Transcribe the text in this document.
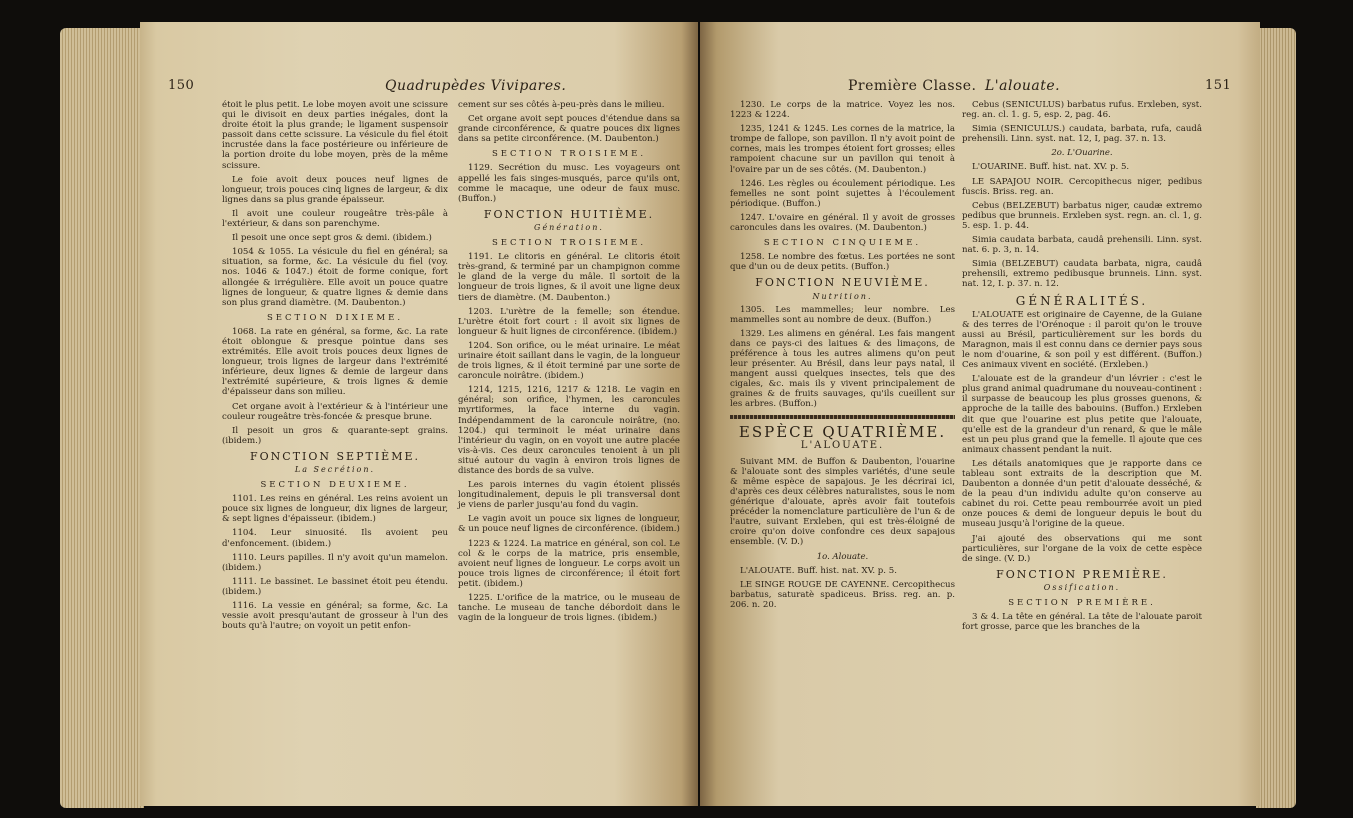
150	Quadrupèdes Vivipares.

étoit le plus petit. Le lobe moyen avoit une scissure qui le divisoit en deux parties inégales, dont la droite étoit la plus grande; le ligament suspensoir passoit dans cette scissure. La vésicule du fiel étoit incrustée dans la face postérieure ou inférieure de la portion droite du lobe moyen, près de la même scissure.

Le foie avoit deux pouces neuf lignes de longueur, trois pouces cinq lignes de largeur, & dix lignes dans sa plus grande épaisseur.

Il avoit une couleur rougeâtre très-pâle à l'extérieur, & dans son parenchyme.

Il pesoit une once sept gros & demi. (ibidem.)

1054 & 1055. La vésicule du fiel en général; sa situation, sa forme, &c. La vésicule du fiel (voy. nos. 1046 & 1047.) étoit de forme conique, fort allongée & irrégulière. Elle avoit un pouce quatre lignes de longueur, & quatre lignes & demie dans son plus grand diamètre. (M. Daubenton.)

SECTION DIXIEME.

1068. La rate en général, sa forme, &c. La rate étoit oblongue & presque pointue dans ses extrémités. Elle avoit trois pouces deux lignes de longueur, trois lignes de largeur dans l'extrémité inférieure, deux lignes & demie de largeur dans l'extrémité supérieure, & trois lignes & demie d'épaisseur dans son milieu.

Cet organe avoit à l'extérieur & à l'intérieur une couleur rougeâtre très-foncée & presque brune.

Il pesoit un gros & quarante-sept grains.(ibidem.)

FONCTION SEPTIÈME.
La Secrétion.
SECTION DEUXIEME.

1101. Les reins en général. Les reins avoient un pouce six lignes de longueur, dix lignes de largeur, & sept lignes d'épaisseur. (ibidem.)

1104. Leur sinuosité. Ils avoient peu d'enfoncement. (ibidem.)

1110. Leurs papilles. Il n'y avoit qu'un mamelon. (ibidem.)

1111. Le bassinet. Le bassinet étoit peu étendu. (ibidem.)

1116. La vessie en général; sa forme, &c. La vessie avoit presqu'autant de grosseur à l'un des bouts qu'à l'autre; on voyoit un petit enfon-

cement sur ses côtés à-peu-près dans le milieu.

Cet organe avoit sept pouces d'étendue dans sa grande circonférence, & quatre pouces dix lignes dans sa petite circonférence. (M. Daubenton.)

SECTION TROISIEME.

1129. Secrétion du musc. Les voyageurs ont appellé les fais singes-musqués, parce qu'ils ont, comme le macaque, une odeur de faux musc. (Buffon.)

FONCTION HUITIÈME.
Génération.
SECTION TROISIEME.

1191. Le clitoris en général. Le clitoris étoit très-grand, & terminé par un champignon comme le gland de la verge du mâle. Il sortoit de la longueur de trois lignes, & il avoit une ligne deux tiers de diamètre. (M. Daubenton.)

1203. L'urètre de la femelle; son étendue. L'urètre étoit fort court : il avoit six lignes de longueur & huit lignes de circonférence. (ibidem.)

1204. Son orifice, ou le méat urinaire. Le méat urinaire étoit saillant dans le vagin, de la longueur de trois lignes, & il étoit terminé par une sorte de caroncule noirâtre. (ibidem.)

1214, 1215, 1216, 1217 & 1218. Le vagin en général; son orifice, l'hymen, les caroncules myrtiformes, la face interne du vagin. Indépendamment de la caroncule noirâtre, (no. 1204.) qui terminoit le méat urinaire dans l'intérieur du vagin, on en voyoit une autre placée vis-à-vis. Ces deux caroncules tenoient à un pli situé autour du vagin à environ trois lignes de distance des bords de sa vulve.

Les parois internes du vagin étoient plissés longitudinalement, depuis le pli transversal dont je viens de parler jusqu'au fond du vagin.

Le vagin avoit un pouce six lignes de longueur, & un pouce neuf lignes de circonférence. (ibidem.)

1223 & 1224. La matrice en général, son col. Le col & le corps de la matrice, pris ensemble, avoient neuf lignes de longueur. Le corps avoit un pouce trois lignes de circonférence; il étoit fort petit. (ibidem.)

1225. L'orifice de la matrice, ou le museau de tanche. Le museau de tanche débordoit dans le vagin de la longueur de trois lignes. (ibidem.)

Première Classe. L'alouate.	151

1230. Le corps de la matrice. Voyez les nos. 1223 & 1224.

1235, 1241 & 1245. Les cornes de la matrice, la trompe de fallope, son pavillon. Il n'y avoit point de cornes, mais les trompes étoient fort grosses; elles rampoient chacune sur un pavillon qui tenoit à l'ovaire par un de ses côtés. (M. Daubenton.)

1246. Les règles ou écoulement périodique. Les femelles ne sont point sujettes à l'écoulement périodique. (Buffon.)

1247. L'ovaire en général. Il y avoit de grosses caroncules dans les ovaires. (M. Daubenton.)

SECTION CINQUIEME.

1258. Le nombre des fœtus. Les portées ne sont que d'un ou de deux petits. (Buffon.)

FONCTION NEUVIÈME.
Nutrition.

1305. Les mammelles; leur nombre. Les mammelles sont au nombre de deux. (Buffon.)

1329. Les alimens en général. Les fais mangent dans ce pays-ci des laitues & des limaçons, de préférence à tous les autres alimens qu'on peut leur présenter. Au Brésil, dans leur pays natal, il mangent aussi quelques insectes, tels que des cigales, &c. mais ils y vivent principalement de graines & de fruits sauvages, qu'ils cueillent sur les arbres. (Buffon.)

ESPÈCE QUATRIÈME.
L'ALOUATE.

Suivant MM. de Buffon & Daubenton, l'ouarine & l'alouate sont des simples variétés, d'une seule & même espèce de sapajous. Je les décrirai ici, d'après ces deux célèbres naturalistes, sous le nom générique d'alouate, après avoir fait toutefois précéder la nomenclature particulière de l'un & de l'autre, suivant Erxleben, qui est très-éloigné de croire qu'on doive confondre ces deux sapajous ensemble. (V. D.)

1o. Alouate.

L'ALOUATE. Buff. hist. nat. XV. p. 5.

LE SINGE ROUGE DE CAYENNE. Cercopithecus barbatus, saturatè spadiceus. Briss. reg. an. p. 206. n. 20.

Cebus (SENICULUS) barbatus rufus. Erxleben, syst. reg. an. cl. 1. g. 5, esp. 2, pag. 46.

Simia (SENICULUS.) caudata, barbata, rufa, caudâ prehensili. Linn. syst. nat. 12, I, pag. 37. n. 13.

2o. L'Ouarine.

L'OUARINE. Buff. hist. nat. XV. p. 5.

LE SAPAJOU NOIR. Cercopithecus niger, pedibus fuscis. Briss. reg. an.

Cebus (BELZEBUT) barbatus niger, caudæ extremo pedibus que brunneis. Erxleben syst. regn. an. cl. 1, g. 5. esp. 1. p. 44.

Simia caudata barbata, caudâ prehensili. Linn. syst. nat. 6. p. 3, n. 14.

Simia (BELZEBUT) caudata barbata, nigra, caudâ prehensili, extremo pedibusque brunneis. Linn. syst. nat. 12, I. p. 37. n. 12.

GÉNÉRALITÉS.

L'ALOUATE est originaire de Cayenne, de la Guiane & des terres de l'Orénoque : il paroit qu'on le trouve aussi au Brésil, particulièrement sur les bords du Maragnon, mais il est connu dans ce dernier pays sous le nom d'ouarine, & son poil y est différent. (Buffon.) Ces animaux vivent en société. (Erxleben.)

L'alouate est de la grandeur d'un lévrier : c'est le plus grand animal quadrumane du nouveau-continent : il surpasse de beaucoup les plus grosses guenons, & approche de la taille des babouins. (Buffon.) Erxleben dit que que l'ouarine est plus petite que l'alouate, qu'elle est de la grandeur d'un renard, & que le mâle est un peu plus grand que la femelle. Il ajoute que ces animaux chassent pendant la nuit.

Les détails anatomiques que je rapporte dans ce tableau sont extraits de la description que M. Daubenton a donnée d'un petit d'alouate desséché, & de la peau d'un individu adulte qu'on conserve au cabinet du roi. Cette peau rembourrée avoit un pied onze pouces & demi de longueur depuis le bout du museau jusqu'à l'origine de la queue.

J'ai ajouté des observations qui me sont particulières, sur l'organe de la voix de cette espèce de singe. (V. D.)

FONCTION PREMIÈRE.
Ossification.
SECTION PREMIÈRE.

3 & 4. La tête en général. La tête de l'alouate paroit fort grosse, parce que les branches de la
